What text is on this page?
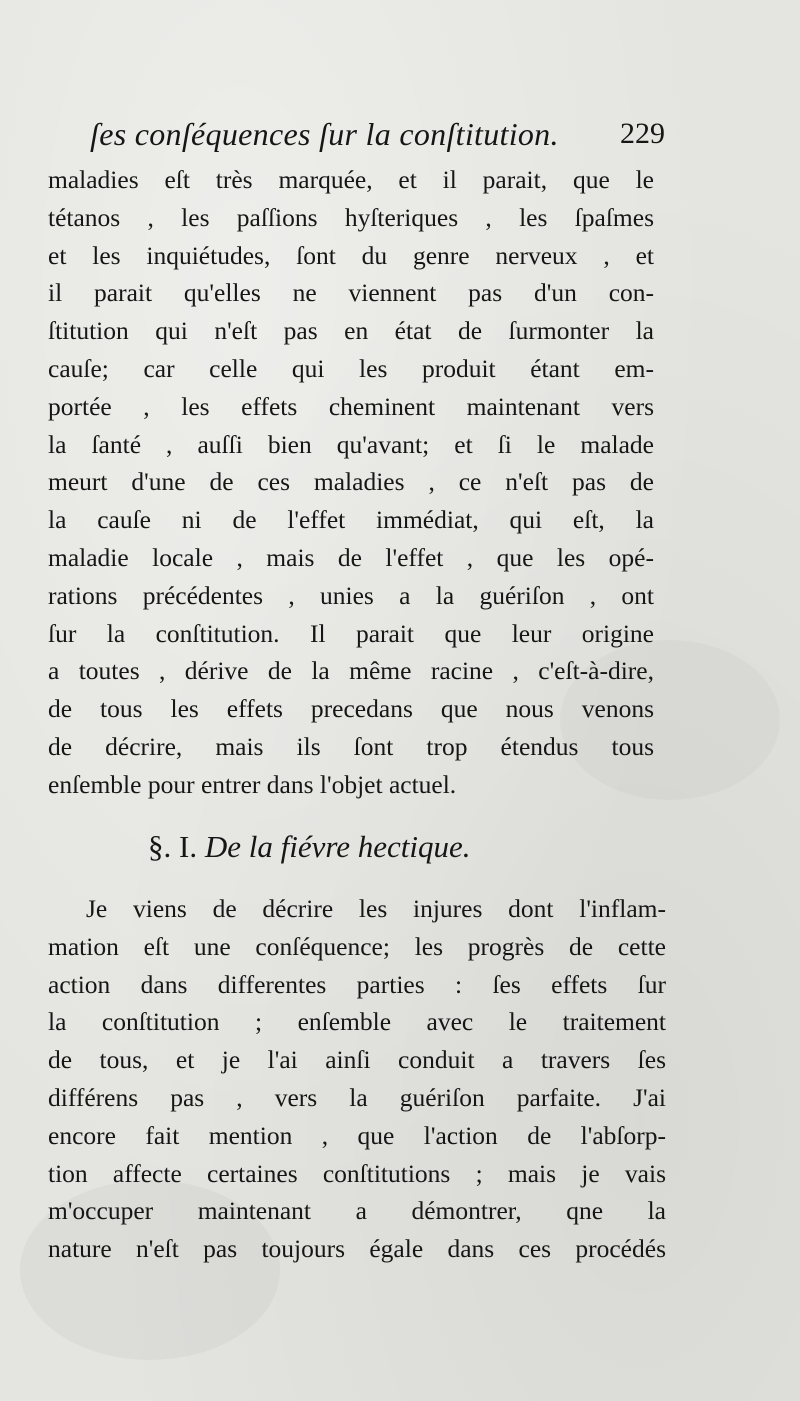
ſes conſéquences ſur la conſtitution. 229
maladies eſt très marquée, et il parait, que le
tétanos , les paſſions hyſteriques , les ſpaſmes
et les inquiétudes, ſont du genre nerveux , et
il parait qu'elles ne viennent pas d'un con-
ſtitution qui n'eſt pas en état de ſurmonter la
cauſe; car celle qui les produit étant em-
portée , les effets cheminent maintenant vers
la ſanté , auſſi bien qu'avant; et ſi le malade
meurt d'une de ces maladies , ce n'eſt pas de
la cauſe ni de l'effet immédiat, qui eſt, la
maladie locale , mais de l'effet , que les opé-
rations précédentes , unies a la guériſon , ont
ſur la conſtitution. Il parait que leur origine
a toutes , dérive de la même racine , c'eſt-à-dire,
de tous les effets precedans que nous venons
de décrire, mais ils ſont trop étendus tous
enſemble pour entrer dans l'objet actuel.
§. I. De la fiévre hectique.
Je viens de décrire les injures dont l'inflam-
mation eſt une conſéquence; les progrès de cette
action dans differentes parties : ſes effets ſur
la conſtitution ; enſemble avec le traitement
de tous, et je l'ai ainſi conduit a travers ſes
différens pas , vers la guériſon parfaite. J'ai
encore fait mention , que l'action de l'abſorp-
tion affecte certaines conſtitutions ; mais je vais
m'occuper maintenant a démontrer, qne la
nature n'eſt pas toujours égale dans ces procédés
